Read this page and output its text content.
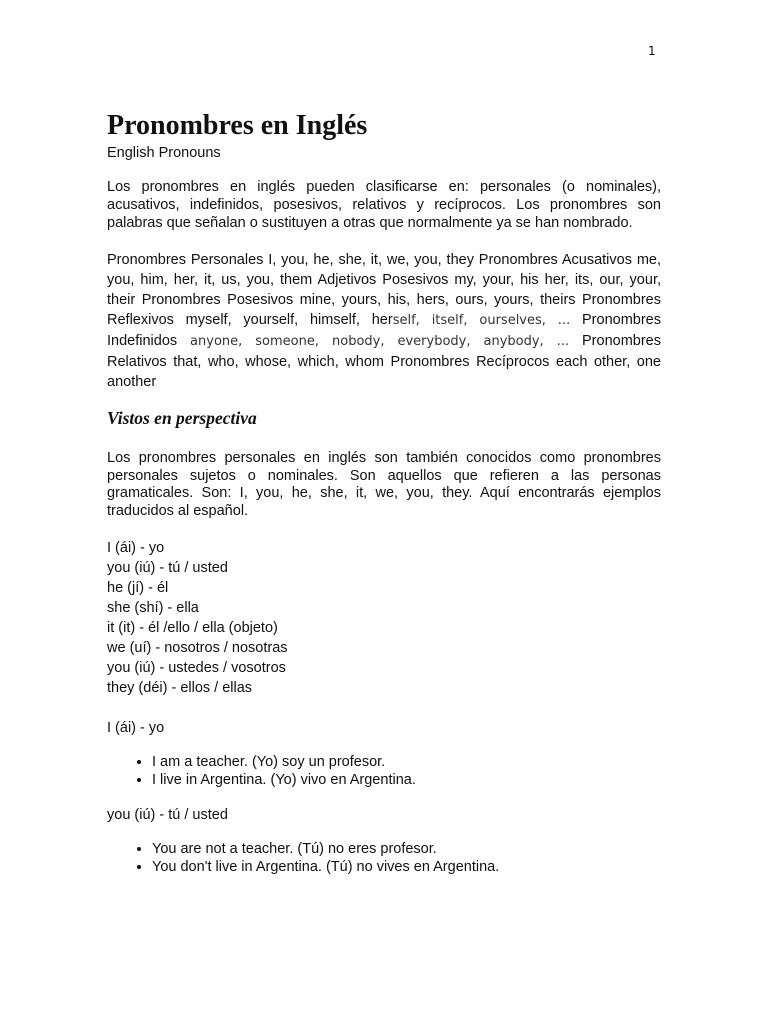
1
Pronombres en Inglés
English Pronouns

Los pronombres en inglés pueden clasificarse en: personales (o nominales), acusativos, indefinidos, posesivos, relativos y recíprocos. Los pronombres son palabras que señalan o sustituyen a otras que normalmente ya se han nombrado.

Pronombres Personales I, you, he, she, it, we, you, they Pronombres Acusativos me, you, him, her, it, us, you, them Adjetivos Posesivos my, your, his her, its, our, your, their Pronombres Posesivos mine, yours, his, hers, ours, yours, theirs Pronombres Reflexivos myself, yourself, himself, herself, itself, ourselves, ... Pronombres Indefinidos anyone, someone, nobody, everybody, anybody, ... Pronombres Relativos that, who, whose, which, whom Pronombres Recíprocos each other, one another

Vistos en perspectiva

Los pronombres personales en inglés son también conocidos como pronombres personales sujetos o nominales. Son aquellos que refieren a las personas gramaticales. Son: I, you, he, she, it, we, you, they. Aquí encontrarás ejemplos traducidos al español.

I (ái) - yo
you (iú) - tú / usted
he (jí) - él
she (shí) - ella
it (it) - él /ello / ella (objeto)
we (uí) - nosotros / nosotras
you (iú) - ustedes / vosotros
they (déi) - ellos / ellas
I (ái) - yo
• I am a teacher. (Yo) soy un profesor.
• I live in Argentina. (Yo) vivo en Argentina.
you (iú) - tú / usted
• You are not a teacher. (Tú) no eres profesor.
• You don't live in Argentina. (Tú) no vives en Argentina.
